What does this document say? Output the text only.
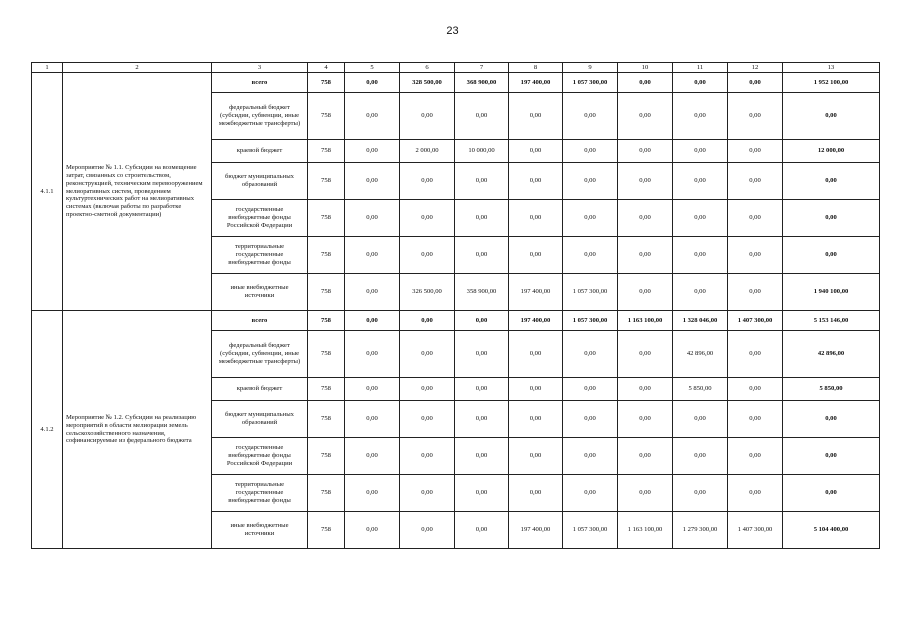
23
1	2	3	4	5	6	7	8	9	10	11	12	13
4.1.1	Мероприятие № 1.1. Субсидии на возмещение затрат, связанных со строительством, реконструкцией, техническим перевооружением мелиоративных систем, проведением культуртехнических работ на мелиоративных системах (включая работы по разработке проектно-сметной документации)	всего	758	0,00	328 500,00	368 900,00	197 400,00	1 057 300,00	0,00	0,00	0,00	1 952 100,00
		федеральный бюджет (субсидии, субвенции, иные межбюджетные трансферты)	758	0,00	0,00	0,00	0,00	0,00	0,00	0,00	0,00	0,00
		краевой бюджет	758	0,00	2 000,00	10 000,00	0,00	0,00	0,00	0,00	0,00	12 000,00
		бюджет муниципальных образований	758	0,00	0,00	0,00	0,00	0,00	0,00	0,00	0,00	0,00
		государственные внебюджетные фонды Российской Федерации	758	0,00	0,00	0,00	0,00	0,00	0,00	0,00	0,00	0,00
		территориальные государственные внебюджетные фонды	758	0,00	0,00	0,00	0,00	0,00	0,00	0,00	0,00	0,00
		иные внебюджетные источники	758	0,00	326 500,00	358 900,00	197 400,00	1 057 300,00	0,00	0,00	0,00	1 940 100,00
4.1.2	Мероприятие № 1.2. Субсидии на реализацию мероприятий в области мелиорации земель сельскохозяйственного назначения, софинансируемые из федерального бюджета	всего	758	0,00	0,00	0,00	197 400,00	1 057 300,00	1 163 100,00	1 328 046,00	1 407 300,00	5 153 146,00
		федеральный бюджет (субсидии, субвенции, иные межбюджетные трансферты)	758	0,00	0,00	0,00	0,00	0,00	0,00	42 896,00	0,00	42 896,00
		краевой бюджет	758	0,00	0,00	0,00	0,00	0,00	0,00	5 850,00	0,00	5 850,00
		бюджет муниципальных образований	758	0,00	0,00	0,00	0,00	0,00	0,00	0,00	0,00	0,00
		государственные внебюджетные фонды Российской Федерации	758	0,00	0,00	0,00	0,00	0,00	0,00	0,00	0,00	0,00
		территориальные государственные внебюджетные фонды	758	0,00	0,00	0,00	0,00	0,00	0,00	0,00	0,00	0,00
		иные внебюджетные источники	758	0,00	0,00	0,00	197 400,00	1 057 300,00	1 163 100,00	1 279 300,00	1 407 300,00	5 104 400,00
